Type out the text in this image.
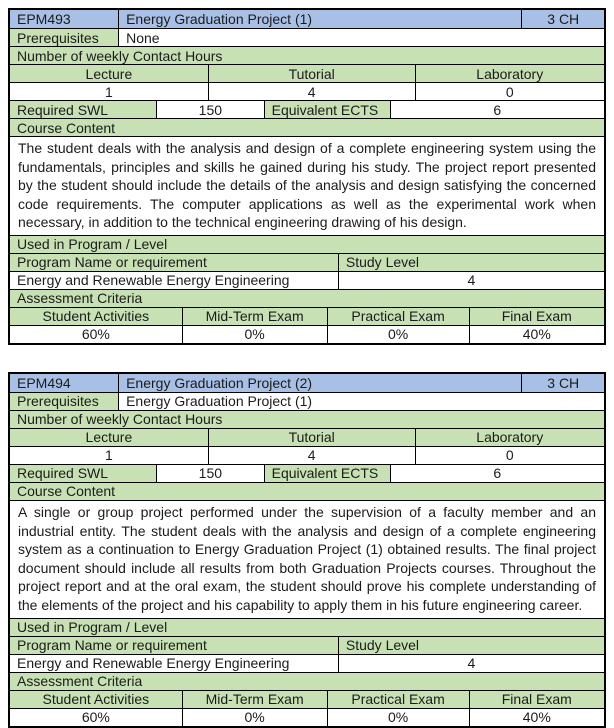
EPM493	Energy Graduation Project (1)	3 CH
Prerequisites	None
Number of weekly Contact Hours
Lecture	Tutorial	Laboratory
1	4	0
Required SWL	150	Equivalent ECTS	6
Course Content
The student deals with the analysis and design of a complete engineering system using the fundamentals, principles and skills he gained during his study. The project report presented by the student should include the details of the analysis and design satisfying the concerned code requirements. The computer applications as well as the experimental work when necessary, in addition to the technical engineering drawing of his design.
Used in Program / Level
Program Name or requirement	Study Level
Energy and Renewable Energy Engineering	4
Assessment Criteria
Student Activities	Mid-Term Exam	Practical Exam	Final Exam
60%	0%	0%	40%
EPM494	Energy Graduation Project (2)	3 CH
Prerequisites	Energy Graduation Project (1)
Number of weekly Contact Hours
Lecture	Tutorial	Laboratory
1	4	0
Required SWL	150	Equivalent ECTS	6
Course Content
A single or group project performed under the supervision of a faculty member and an industrial entity. The student deals with the analysis and design of a complete engineering system as a continuation to Energy Graduation Project (1) obtained results. The final project document should include all results from both Graduation Projects courses. Throughout the project report and at the oral exam, the student should prove his complete understanding of the elements of the project and his capability to apply them in his future engineering career.
Used in Program / Level
Program Name or requirement	Study Level
Energy and Renewable Energy Engineering	4
Assessment Criteria
Student Activities	Mid-Term Exam	Practical Exam	Final Exam
60%	0%	0%	40%
